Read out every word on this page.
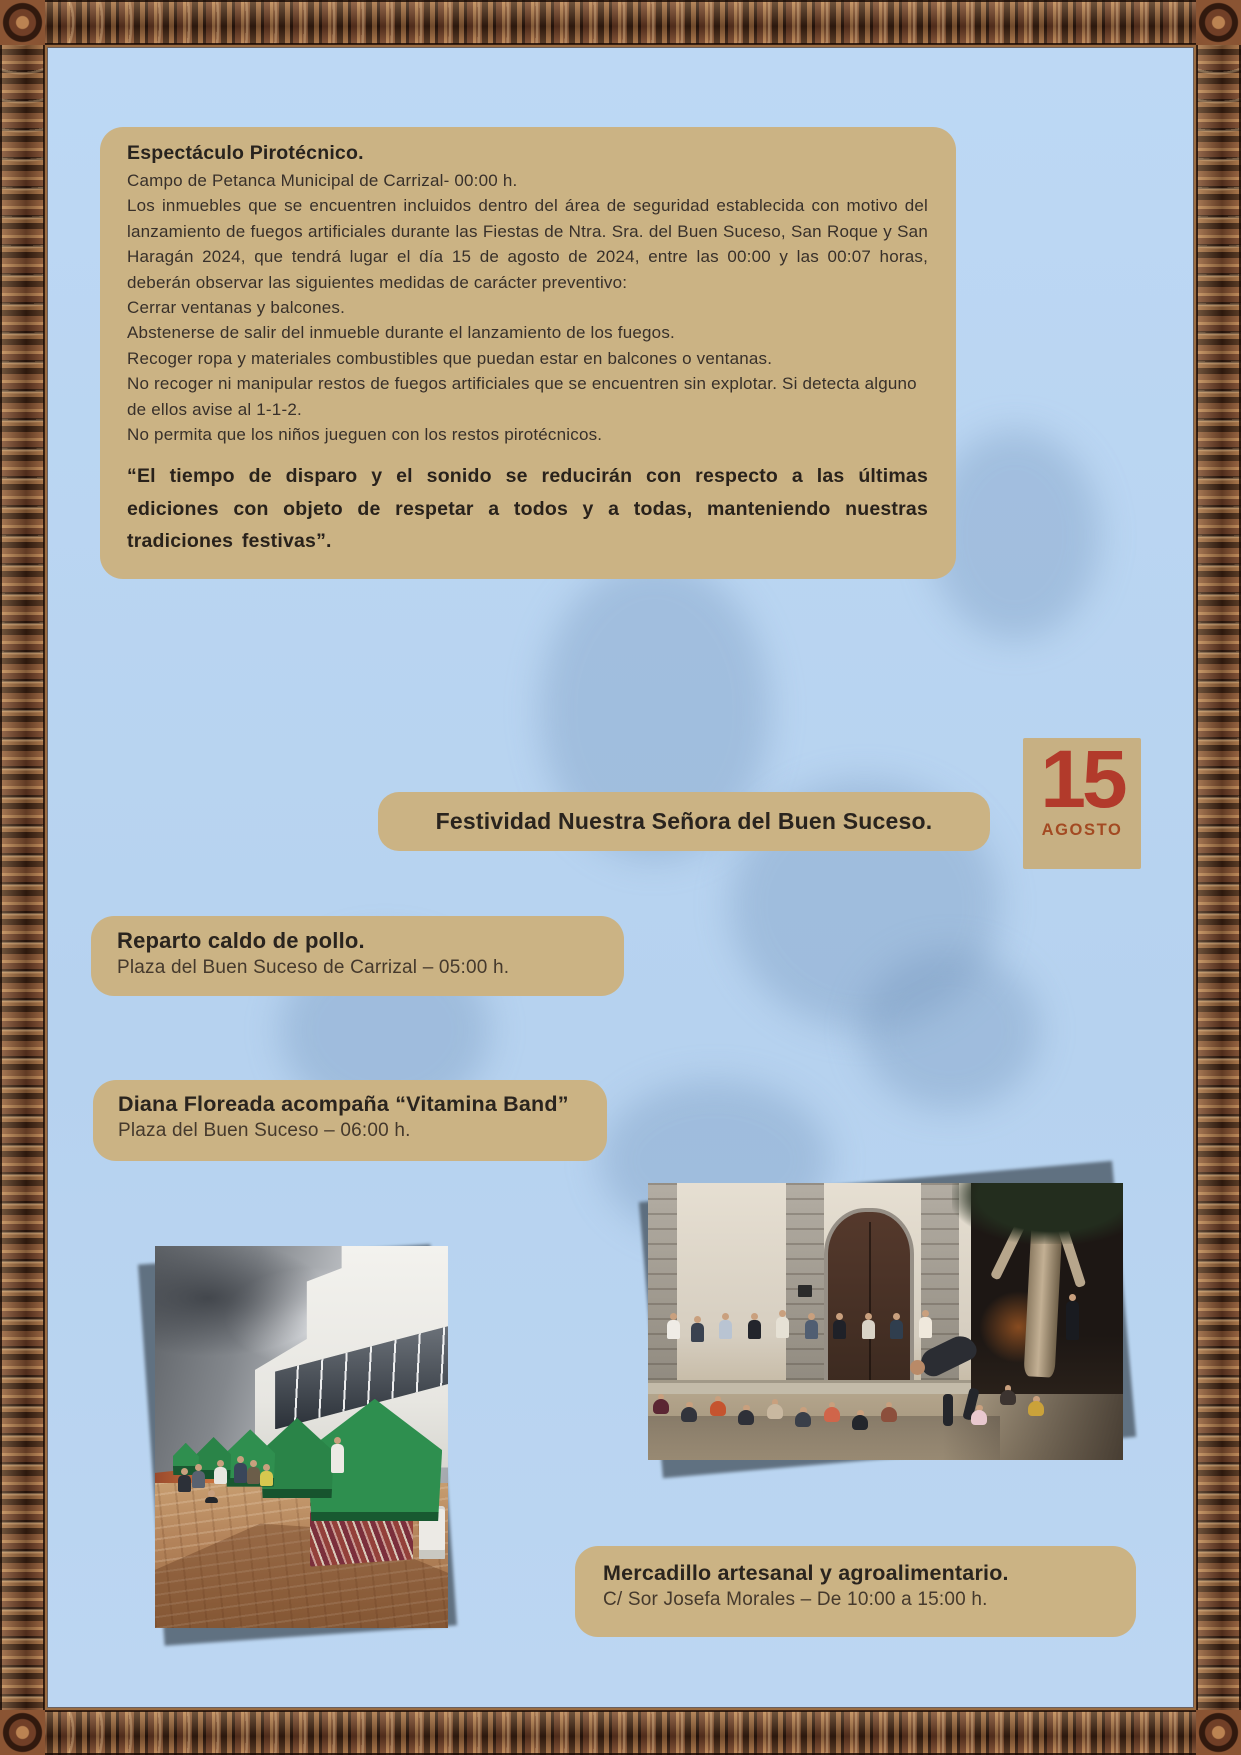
Espectáculo Pirotécnico.
Campo de Petanca Municipal de Carrizal- 00:00 h.
Los inmuebles que se encuentren incluidos dentro del área de seguridad establecida con motivo del lanzamiento de fuegos artificiales durante las Fiestas de Ntra. Sra. del Buen Suceso, San Roque y San Haragán 2024, que tendrá lugar el día 15 de agosto de 2024, entre las 00:00 y las 00:07 horas, deberán observar las siguientes medidas de carácter preventivo:
Cerrar ventanas y balcones.
Abstenerse de salir del inmueble durante el lanzamiento de los fuegos.
Recoger ropa y materiales combustibles que puedan estar en balcones o ventanas.
No recoger ni manipular restos de fuegos artificiales que se encuentren sin explotar. Si detecta alguno de ellos avise al 1-1-2.
No permita que los niños jueguen con los restos pirotécnicos.
“El tiempo de disparo y el sonido se reducirán con respecto a las últimas ediciones con objeto de respetar a todos y a todas, manteniendo nuestras tradiciones festivas”.
Festividad Nuestra Señora del Buen Suceso. 15
AGOSTO
Reparto caldo de pollo.
Plaza del Buen Suceso de Carrizal – 05:00 h.
Diana Floreada acompaña “Vitamina Band”
Plaza del Buen Suceso – 06:00 h.
Mercadillo artesanal y agroalimentario.
C/ Sor Josefa Morales – De 10:00 a 15:00 h.
